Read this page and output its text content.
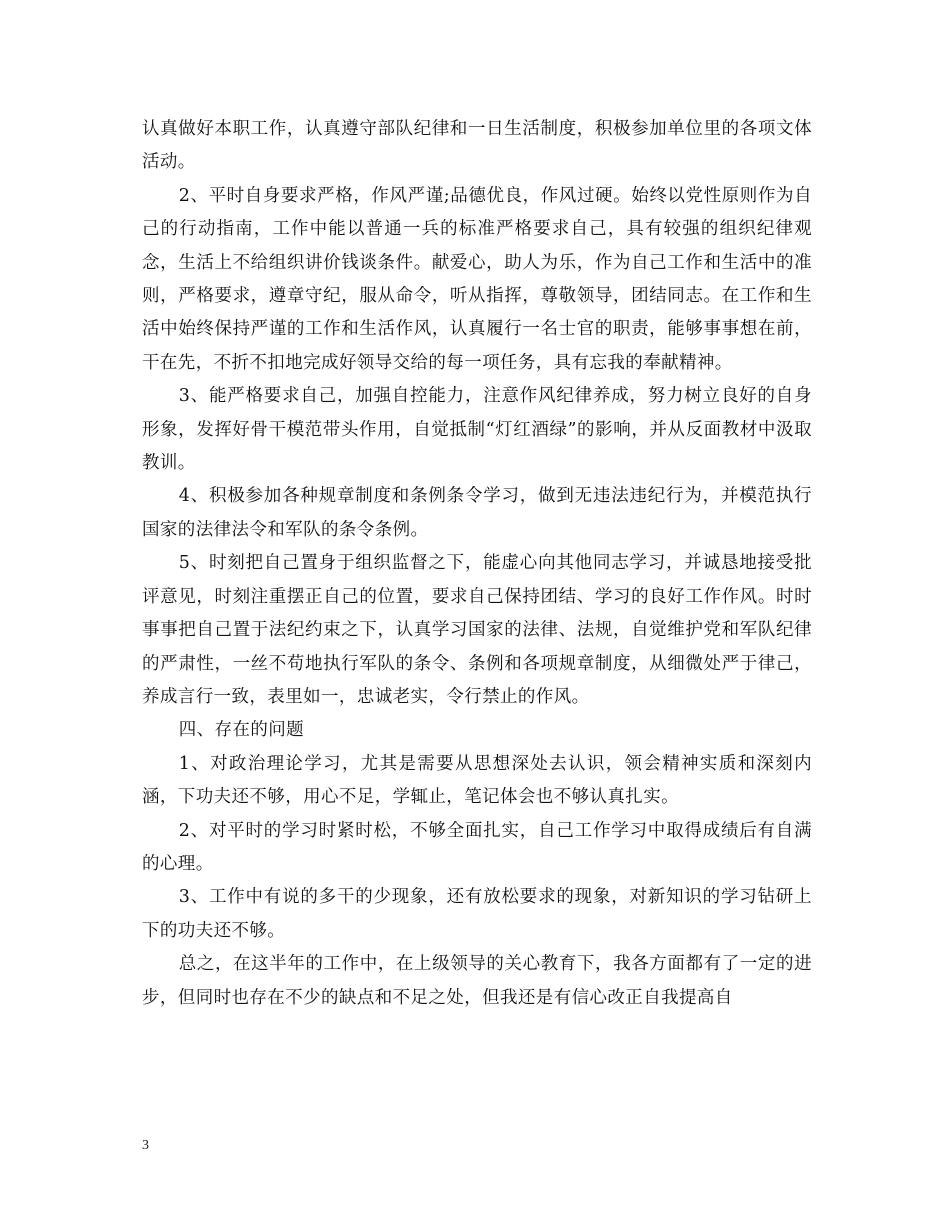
认真做好本职工作，认真遵守部队纪律和一日生活制度，积极参加单位里的各项文体活动。

2、平时自身要求严格，作风严谨;品德优良，作风过硬。始终以党性原则作为自己的行动指南，工作中能以普通一兵的标准严格要求自己，具有较强的组织纪律观念，生活上不给组织讲价钱谈条件。献爱心，助人为乐，作为自己工作和生活中的准则，严格要求，遵章守纪，服从命令，听从指挥，尊敬领导，团结同志。在工作和生活中始终保持严谨的工作和生活作风，认真履行一名士官的职责，能够事事想在前，干在先，不折不扣地完成好领导交给的每一项任务，具有忘我的奉献精神。

3、能严格要求自己，加强自控能力，注意作风纪律养成，努力树立良好的自身形象，发挥好骨干模范带头作用，自觉抵制“灯红酒绿”的影响，并从反面教材中汲取教训。

4、积极参加各种规章制度和条例条令学习，做到无违法违纪行为，并模范执行国家的法律法令和军队的条令条例。

5、时刻把自己置身于组织监督之下，能虚心向其他同志学习，并诚恳地接受批评意见，时刻注重摆正自己的位置，要求自己保持团结、学习的良好工作作风。时时事事把自己置于法纪约束之下，认真学习国家的法律、法规，自觉维护党和军队纪律的严肃性，一丝不苟地执行军队的条令、条例和各项规章制度，从细微处严于律己，养成言行一致，表里如一，忠诚老实，令行禁止的作风。

四、存在的问题

1、对政治理论学习，尤其是需要从思想深处去认识，领会精神实质和深刻内涵，下功夫还不够，用心不足，学辄止，笔记体会也不够认真扎实。

2、对平时的学习时紧时松，不够全面扎实，自己工作学习中取得成绩后有自满的心理。

3、工作中有说的多干的少现象，还有放松要求的现象，对新知识的学习钻研上下的功夫还不够。

总之，在这半年的工作中，在上级领导的关心教育下，我各方面都有了一定的进步，但同时也存在不少的缺点和不足之处，但我还是有信心改正自我提高自

3
